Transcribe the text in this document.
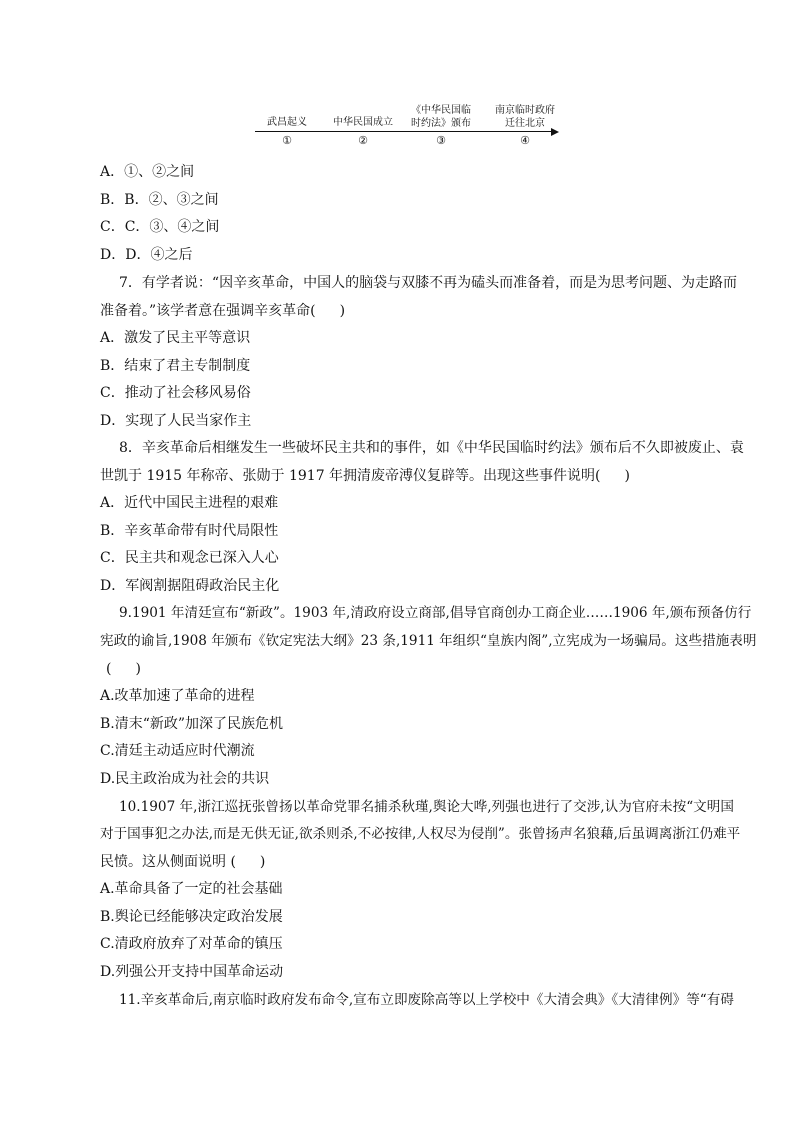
武昌起义	中华民国成立
《中华民国临
时约法》颁布
南京临时政府
迁往北京
①	②	③	④
A．①、②之间
B．B．②、③之间
C．C．③、④之间
D．D．④之后
7．有学者说：“因辛亥革命，中国人的脑袋与双膝不再为磕头而准备着，而是为思考问题、为走路而
准备着。”该学者意在强调辛亥革命( )
A．激发了民主平等意识
B．结束了君主专制制度
C．推动了社会移风易俗
D．实现了人民当家作主
8．辛亥革命后相继发生一些破坏民主共和的事件，如《中华民国临时约法》颁布后不久即被废止、袁
世凯于 1915 年称帝、张勋于 1917 年拥清废帝溥仪复辟等。出现这些事件说明( )
A．近代中国民主进程的艰难
B．辛亥革命带有时代局限性
C．民主共和观念已深入人心
D．军阀割据阻碍政治民主化
9.1901 年清廷宣布“新政”。1903 年,清政府设立商部,倡导官商创办工商企业……1906 年,颁布预备仿行
宪政的谕旨,1908 年颁布《钦定宪法大纲》23 条,1911 年组织“皇族内阁”,立宪成为一场骗局。这些措施表明
( )
A.改革加速了革命的进程
B.清末“新政”加深了民族危机
C.清廷主动适应时代潮流
D.民主政治成为社会的共识
10.1907 年,浙江巡抚张曾扬以革命党罪名捕杀秋瑾,舆论大哗,列强也进行了交涉,认为官府未按“文明国
对于国事犯之办法,而是无供无证,欲杀则杀,不必按律,人权尽为侵削”。张曾扬声名狼藉,后虽调离浙江仍难平
民愤。这从侧面说明 ( )
A.革命具备了一定的社会基础
B.舆论已经能够决定政治发展
C.清政府放弃了对革命的镇压
D.列强公开支持中国革命运动
11.辛亥革命后,南京临时政府发布命令,宣布立即废除高等以上学校中《大清会典》《大清律例》等“有碍
